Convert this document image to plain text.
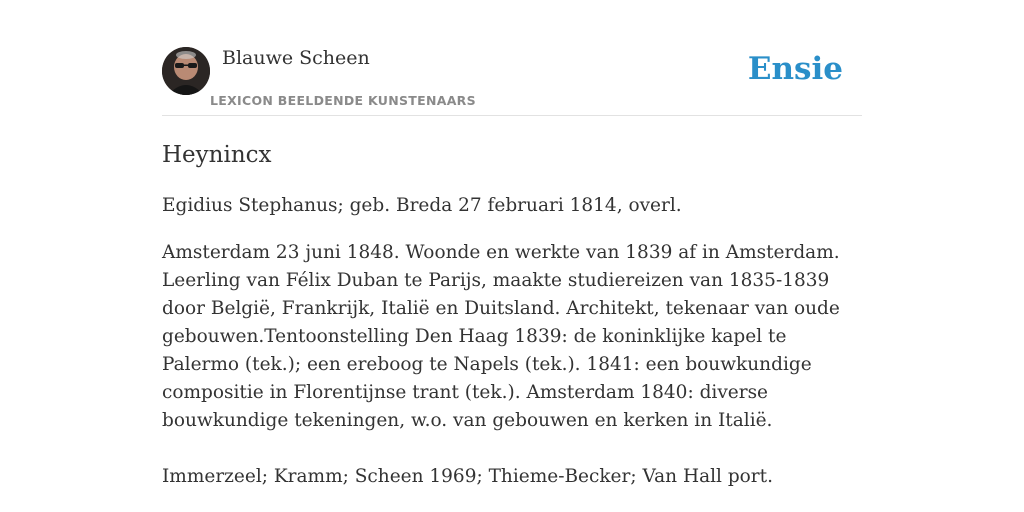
Blauwe Scheen
LEXICON BEELDENDE KUNSTENAARS
Ensie
Heynincx

Egidius Stephanus; geb. Breda 27 februari 1814, overl.

Amsterdam 23 juni 1848. Woonde en werkte van 1839 af in Amsterdam. Leerling van Félix Duban te Parijs, maakte studiereizen van 1835-1839 door België, Frankrijk, Italië en Duitsland. Architekt, tekenaar van oude gebouwen.Tentoonstelling Den Haag 1839: de koninklijke kapel te Palermo (tek.); een ereboog te Napels (tek.). 1841: een bouwkundige compositie in Florentijnse trant (tek.). Amsterdam 1840: diverse bouwkundige tekeningen, w.o. van gebouwen en kerken in Italië.

Immerzeel; Kramm; Scheen 1969; Thieme-Becker; Van Hall port.
